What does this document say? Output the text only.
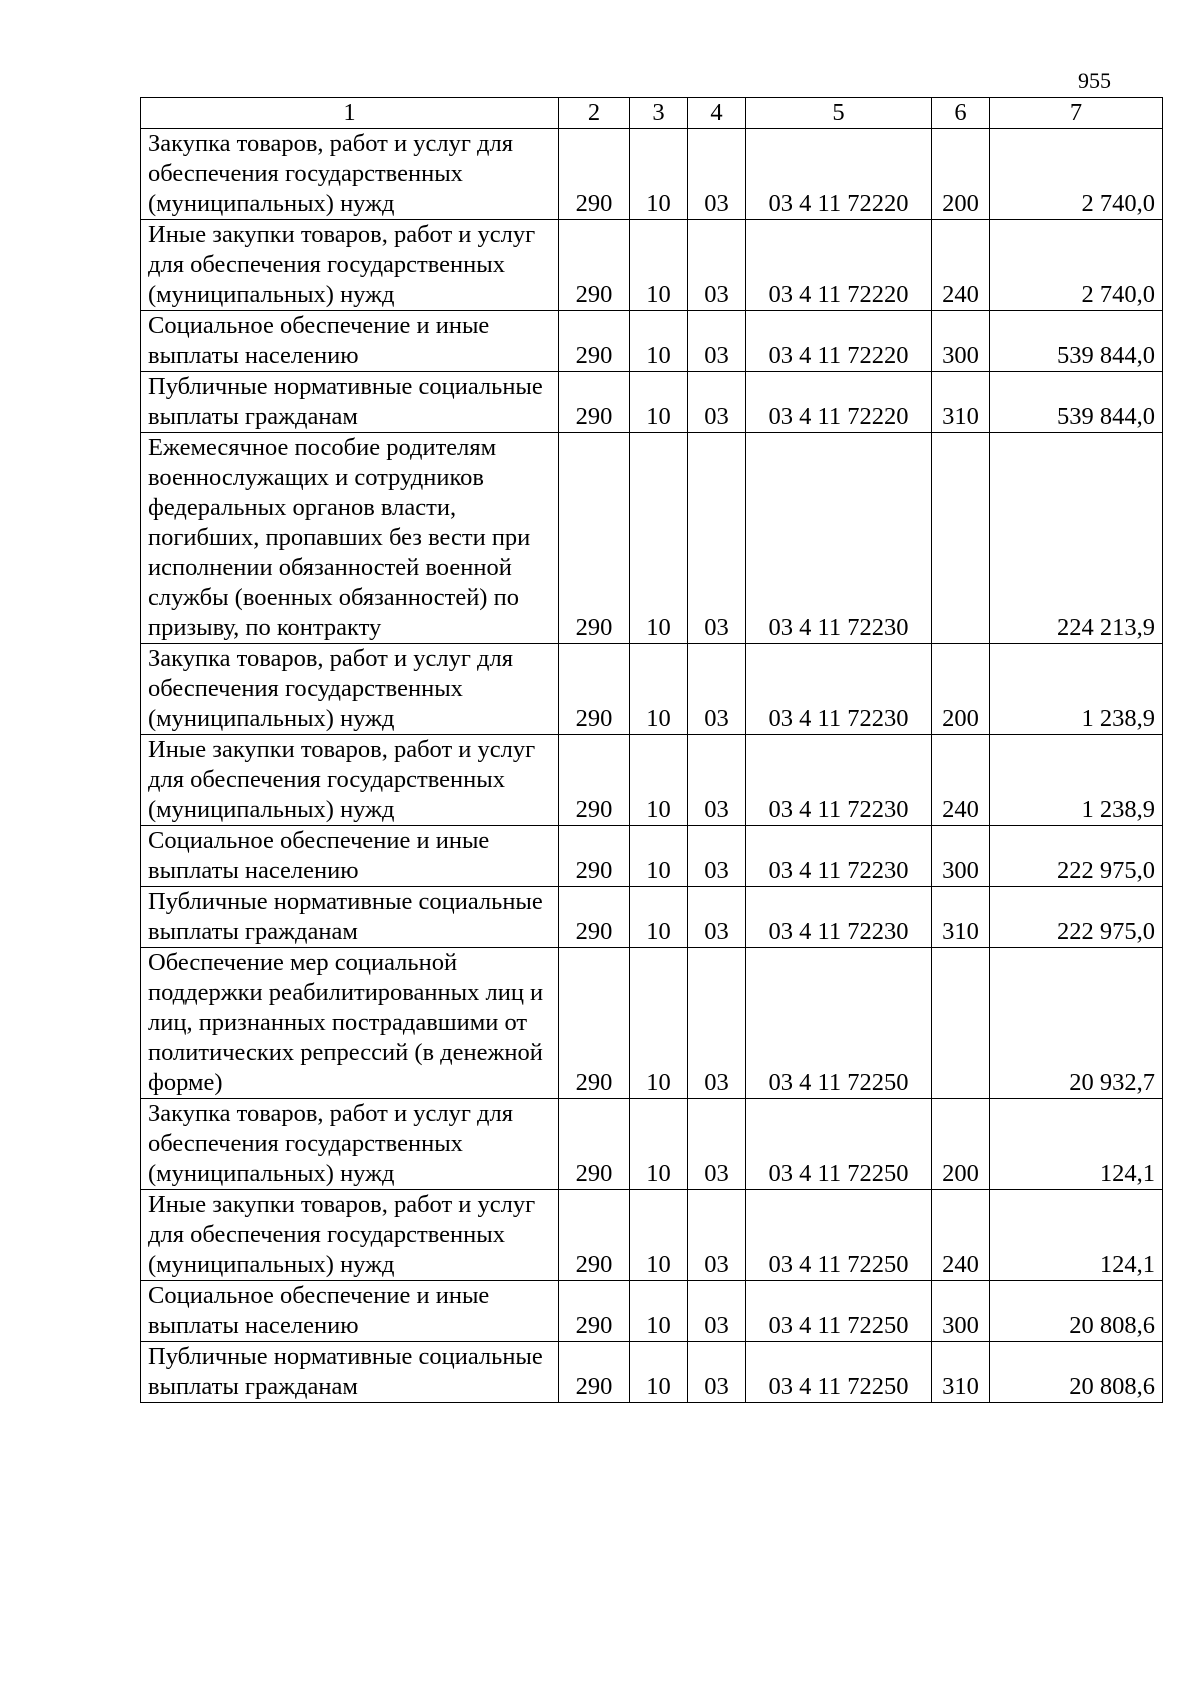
955
1	2	3	4	5	6	7
Закупка товаров, работ и услуг для обеспечения государственных (муниципальных) нужд	290	10	03	03 4 11 72220	200	2 740,0
Иные закупки товаров, работ и услуг для обеспечения государственных (муниципальных) нужд	290	10	03	03 4 11 72220	240	2 740,0
Социальное обеспечение и иные выплаты населению	290	10	03	03 4 11 72220	300	539 844,0
Публичные нормативные социальные выплаты гражданам	290	10	03	03 4 11 72220	310	539 844,0
Ежемесячное пособие родителям военнослужащих и сотрудников федеральных органов власти, погибших, пропавших без вести при исполнении обязанностей военной службы (военных обязанностей) по призыву, по контракту	290	10	03	03 4 11 72230		224 213,9
Закупка товаров, работ и услуг для обеспечения государственных (муниципальных) нужд	290	10	03	03 4 11 72230	200	1 238,9
Иные закупки товаров, работ и услуг для обеспечения государственных (муниципальных) нужд	290	10	03	03 4 11 72230	240	1 238,9
Социальное обеспечение и иные выплаты населению	290	10	03	03 4 11 72230	300	222 975,0
Публичные нормативные социальные выплаты гражданам	290	10	03	03 4 11 72230	310	222 975,0
Обеспечение мер социальной поддержки реабилитированных лиц и лиц, признанных пострадавшими от политических репрессий (в денежной форме)	290	10	03	03 4 11 72250		20 932,7
Закупка товаров, работ и услуг для обеспечения государственных (муниципальных) нужд	290	10	03	03 4 11 72250	200	124,1
Иные закупки товаров, работ и услуг для обеспечения государственных (муниципальных) нужд	290	10	03	03 4 11 72250	240	124,1
Социальное обеспечение и иные выплаты населению	290	10	03	03 4 11 72250	300	20 808,6
Публичные нормативные социальные выплаты гражданам	290	10	03	03 4 11 72250	310	20 808,6
